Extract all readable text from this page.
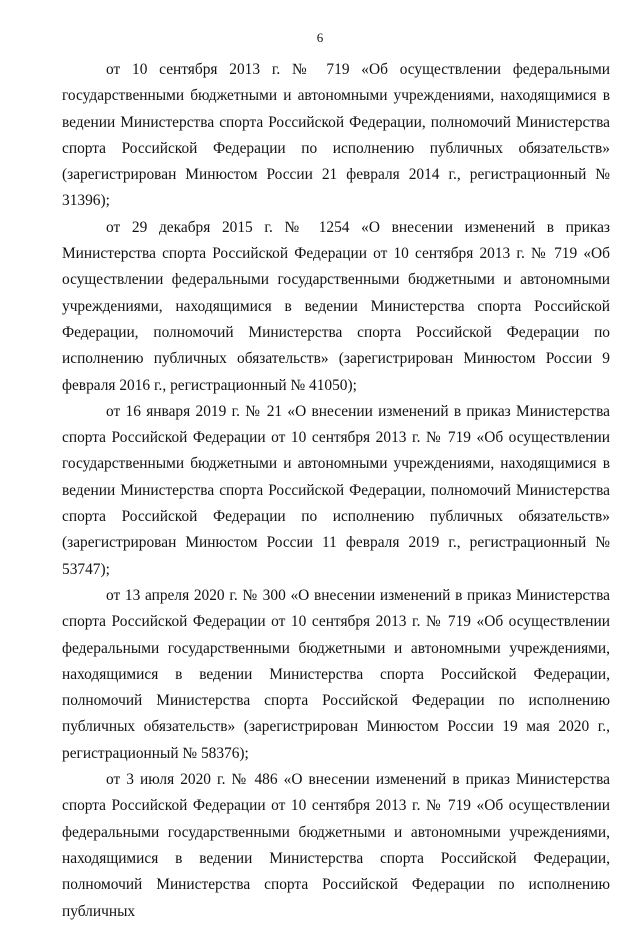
6

от 10 сентября 2013 г. № 719 «Об осуществлении федеральными государственными бюджетными и автономными учреждениями, находящимися в ведении Министерства спорта Российской Федерации, полномочий Министерства спорта Российской Федерации по исполнению публичных обязательств» (зарегистрирован Минюстом России 21 февраля 2014 г., регистрационный № 31396);

от 29 декабря 2015 г. № 1254 «О внесении изменений в приказ Министерства спорта Российской Федерации от 10 сентября 2013 г. № 719 «Об осуществлении федеральными государственными бюджетными и автономными учреждениями, находящимися в ведении Министерства спорта Российской Федерации, полномочий Министерства спорта Российской Федерации по исполнению публичных обязательств» (зарегистрирован Минюстом России 9 февраля 2016 г., регистрационный № 41050);

от 16 января 2019 г. № 21 «О внесении изменений в приказ Министерства спорта Российской Федерации от 10 сентября 2013 г. № 719 «Об осуществлении государственными бюджетными и автономными учреждениями, находящимися в ведении Министерства спорта Российской Федерации, полномочий Министерства спорта Российской Федерации по исполнению публичных обязательств» (зарегистрирован Минюстом России 11 февраля 2019 г., регистрационный № 53747);

от 13 апреля 2020 г. № 300 «О внесении изменений в приказ Министерства спорта Российской Федерации от 10 сентября 2013 г. № 719 «Об осуществлении федеральными государственными бюджетными и автономными учреждениями, находящимися в ведении Министерства спорта Российской Федерации, полномочий Министерства спорта Российской Федерации по исполнению публичных обязательств» (зарегистрирован Минюстом России 19 мая 2020 г., регистрационный № 58376);

от 3 июля 2020 г. № 486 «О внесении изменений в приказ Министерства спорта Российской Федерации от 10 сентября 2013 г. № 719 «Об осуществлении федеральными государственными бюджетными и автономными учреждениями, находящимися в ведении Министерства спорта Российской Федерации, полномочий Министерства спорта Российской Федерации по исполнению публичных
